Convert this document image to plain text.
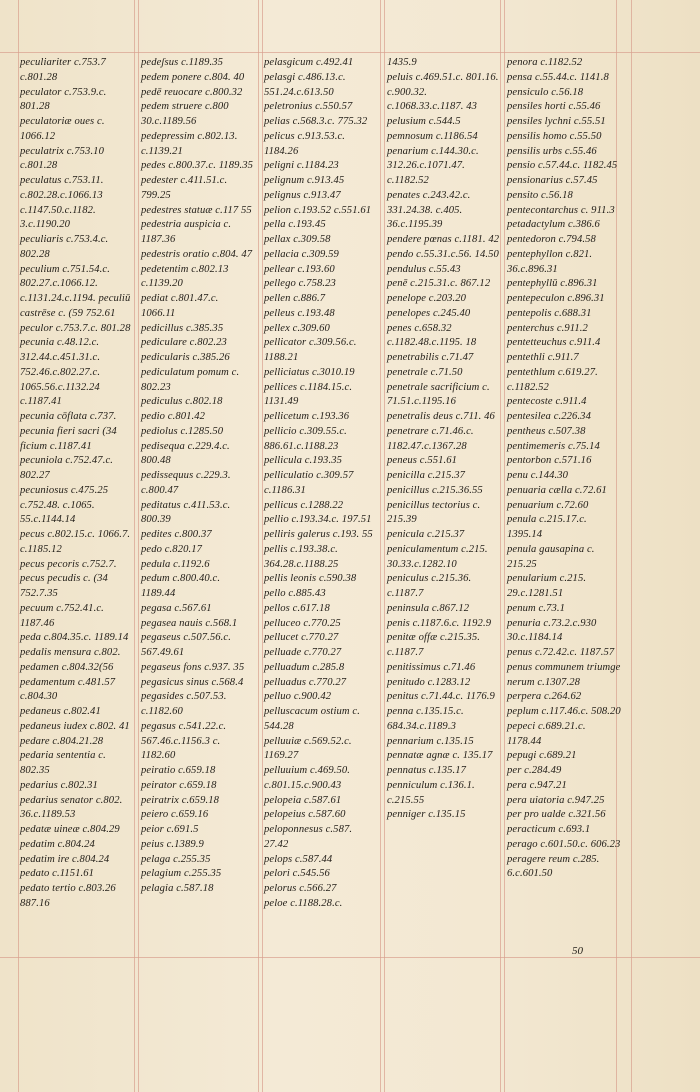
peculiariter c.753.7 c.801.28
peculator c.753.9.c. 801.28
peculatoriæ oues c. 1066.12
peculatrix c.753.10 c.801.28
peculatus c.753.11. c.802.28.c.1066.13 c.1147.50.c.1182. 3.c.1190.20
peculiaris c.753.4.c. 802.28
peculium c.751.54.c. 802.27.c.1066.12. c.1131.24.c.1194. peculiū castrēse c. (59 752.61
peculor c.753.7.c. 801.28
pecunia c.48.12.c. 312.44.c.451.31.c. 752.46.c.802.27.c. 1065.56.c.1132.24 c.1187.41
pecunia cōflata c.737. pecunia fieri sacri (34 ficium c.1187.41
pecuniola c.752.47.c. 802.27
pecuniosus c.475.25 c.752.48. c.1065. 55.c.1144.14
pecus c.802.15.c. 1066.7. c.1185.12
pecus pecoris c.752.7. pecus pecudis c. (34 752.7.35
pecuum c.752.41.c. 1187.46
peda c.804.35.c. 1189.14
pedalis mensura c.802. pedamen c.804.32(56
pedamentum c.481.57 c.804.30
pedaneus c.802.41
pedaneus iudex c.802. 41
pedare c.804.21.28
pedaria sententia c. 802.35
pedarius c.802.31
pedarius senator c.802. 36.c.1189.53
pedatæ uineæ c.804.29
pedatim c.804.24
pedatim ire c.804.24
pedato c.1151.61
pedato tertio c.803.26 887.16
pedeʃsus c.1189.35
pedem ponere c.804. 40
pedē reuocare c.800.32
pedem struere c.800 30.c.1189.56
pedepressim c.802.13. c.1139.21
pedes c.800.37.c. 1189.35
pedester c.411.51.c. 799.25
pedestres statuæ c.117 55
pedestria auspicia c. 1187.36
pedestris oratio c.804. 47
pedetentim c.802.13 c.1139.20
pediat c.801.47.c. 1066.11
pedicillus c.385.35
pediculare c.802.23
pedicularis c.385.26
pediculatum pomum c. 802.23
pediculus c.802.18
pedio c.801.42
pediolus c.1285.50
pedisequa c.229.4.c. 800.48
pedissequus c.229.3. c.800.47
peditatus c.411.53.c. 800.39
pedites c.800.37
pedo c.820.17
pedula c.1192.6
pedum c.800.40.c. 1189.44
pegasa c.567.61
pegasea nauis c.568.1
pegaseus c.507.56.c. 567.49.61
pegaseus fons c.937. 35
pegasicus sinus c.568.4
pegasides c.507.53. c.1182.60
pegasus c.541.22.c. 567.46.c.1156.3 c. 1182.60
peiratio c.659.18
peirator c.659.18
peiratrix c.659.18
peiero c.659.16
peior c.691.5
peius c.1389.9
pelaga c.255.35
pelagium c.255.35
pelagia c.587.18
pelasgicum c.492.41
pelasgi c.486.13.c. 551.24.c.613.50
peletronius c.550.57
pelias c.568.3.c. 775.32
pelicus c.913.53.c. 1184.26
peligni c.1184.23
pelignum c.913.45
pelignus c.913.47
pelion c.193.52 c.551.61
pella c.193.45
pellax c.309.58
pellacia c.309.59
pellear c.193.60
pellego c.758.23
pellen c.886.7
pelleus c.193.48
pellex c.309.60
pellicator c.309.56.c. 1188.21
pelliciatus c.3010.19
pellices c.1184.15.c. 1131.49
pellicetum c.193.36
pellicio c.309.55.c. 886.61.c.1188.23
pellicula c.193.35
pelliculatio c.309.57 c.1186.31
pellicus c.1288.22
pellio c.193.34.c. 197.51
pelliris galerus c.193. 55
pellis c.193.38.c. 364.28.c.1188.25
pellis leonis c.590.38
pello c.885.43
pellos c.617.18
pelluceo c.770.25
pellucet c.770.27
pelluade c.770.27
pelluadum c.285.8
pelluadus c.770.27
pelluo c.900.42
pelluscacum ostium c. 544.28
pelluuiæ c.569.52.c. 1169.27
pelluuium c.469.50. c.801.15.c.900.43
pelopeia c.587.61
pelopeius c.587.60
peloponnesus c.587. 27.42
pelops c.587.44
pelori c.545.56
pelorus c.566.27
peloe c.1188.28.c.
1435.9
peluis c.469.51.c. 801.16. c.900.32. c.1068.33.c.1187. 43
pelusium c.544.5
pemnosum c.1186.54
penarium c.144.30.c. 312.26.c.1071.47. c.1182.52
penates c.243.42.c. 331.24.38. c.405. 36.c.1195.39
pendere pœnas c.1181. 42
pendo c.55.31.c.56. 14.50
pendulus c.55.43
penē c.215.31.c. 867.12
penelope c.203.20
penelopes c.245.40
penes c.658.32 c.1182.48.c.1195. 18
penetrabilis c.71.47
penetrale c.71.50
penetrale sacrificium c. 71.51.c.1195.16
penetralis deus c.711. 46
penetrare c.71.46.c. 1182.47.c.1367.28
peneus c.551.61
penicilla c.215.37
penicillus c.215.36.55
penicillus tectorius c. 215.39
penicula c.215.37
peniculamentum c.215. 30.33.c.1282.10
peniculus c.215.36. c.1187.7
peninsula c.867.12
penis c.1187.6.c. 1192.9
penitæ offæ c.215.35. c.1187.7
penitissimus c.71.46
penitudo c.1283.12
penitus c.71.44.c. 1176.9
penna c.135.15.c. 684.34.c.1189.3
pennarium c.135.15
pennatæ agnæ c. 135.17
pennatus c.135.17
penniculum c.136.1. c.215.55
penniger c.135.15
penora c.1182.52
pensa c.55.44.c. 1141.8
pensiculo c.56.18
pensiles horti c.55.46
pensiles lychni c.55.51
pensilis homo c.55.50
pensilis urbs c.55.46
pensio c.57.44.c. 1182.45
pensionarius c.57.45
pensito c.56.18
pentecontarchus c. 911.3
petadactylum c.386.6
pentedoron c.794.58
pentephyllon c.821. 36.c.896.31
pentephyllū c.896.31
pentepeculon c.896.31
pentepolis c.688.31
penterchus c.911.2
pentetteuchus c.911.4
pentethli c.911.7
pentethlum c.619.27. c.1182.52
pentecoste c.911.4
pentesilea c.226.34
pentheus c.507.38
pentimemeris c.75.14
pentorbon c.571.16
penu c.144.30
penuaria cælla c.72.61
penuarium c.72.60
penula c.215.17.c. 1395.14
penula gausapina c. 215.25
penularium c.215. 29.c.1281.51
penum c.73.1
penuria c.73.2.c.930 30.c.1184.14
penus c.72.42.c. 1187.57
penus communem triumge nerum c.1307.28
perpera c.264.62
peplum c.117.46.c. 508.20
pepeci c.689.21.c. 1178.44
pepugi c.689.21
per c.284.49
pera c.947.21
pera uiatoria c.947.25
per pro ualde c.321.56
peracticum c.693.1
perago c.601.50.c. 606.23
peragere reum c.285. 6.c.601.50
50
